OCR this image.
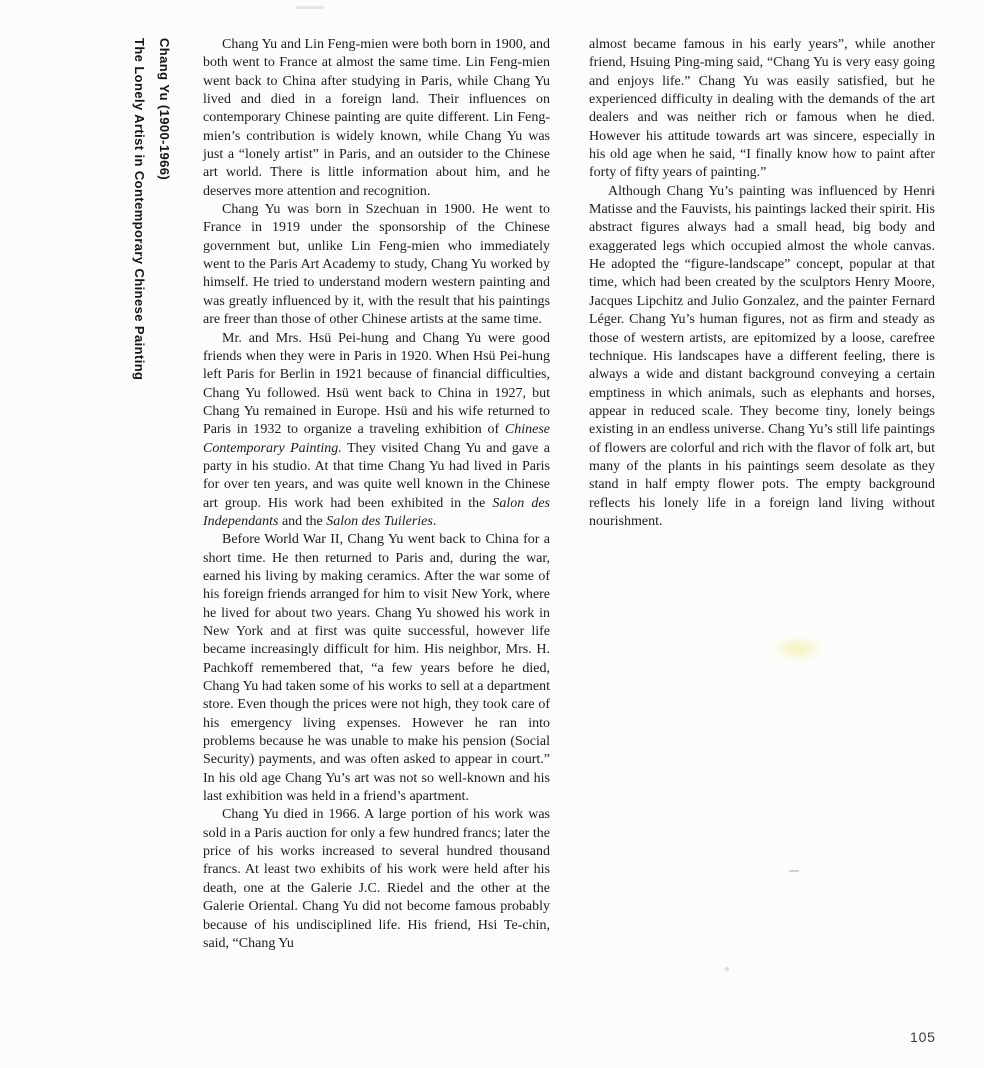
Chang Yu (1900-1966)
The Lonely Artist in Contemporary Chinese Painting	Chang Yu and Lin Feng-mien were both born in 1900, and both went to France at almost the same time. Lin Feng-mien went back to China after studying in Paris, while Chang Yu lived and died in a foreign land. Their influences on contemporary Chinese painting are quite different. Lin Feng-mien’s contribution is widely known, while Chang Yu was just a “lonely artist” in Paris, and an outsider to the Chinese art world. There is little information about him, and he deserves more attention and recognition.

Chang Yu was born in Szechuan in 1900. He went to France in 1919 under the sponsorship of the Chinese government but, unlike Lin Feng-mien who immediately went to the Paris Art Academy to study, Chang Yu worked by himself. He tried to understand modern western painting and was greatly influenced by it, with the result that his paintings are freer than those of other Chinese artists at the same time.

Mr. and Mrs. Hsü Pei-hung and Chang Yu were good friends when they were in Paris in 1920. When Hsü Pei-hung left Paris for Berlin in 1921 because of financial difficulties, Chang Yu followed. Hsü went back to China in 1927, but Chang Yu remained in Europe. Hsü and his wife returned to Paris in 1932 to organize a traveling exhibition of Chinese Contemporary Painting. They visited Chang Yu and gave a party in his studio. At that time Chang Yu had lived in Paris for over ten years, and was quite well known in the Chinese art group. His work had been exhibited in the Salon des Independants and the Salon des Tuileries.

Before World War II, Chang Yu went back to China for a short time. He then returned to Paris and, during the war, earned his living by making ceramics. After the war some of his foreign friends arranged for him to visit New York, where he lived for about two years. Chang Yu showed his work in New York and at first was quite successful, however life became increasingly difficult for him. His neighbor, Mrs. H. Pachkoff remembered that, “a few years before he died, Chang Yu had taken some of his works to sell at a department store. Even though the prices were not high, they took care of his emergency living expenses. However he ran into problems because he was unable to make his pension (Social Security) payments, and was often asked to appear in court.” In his old age Chang Yu’s art was not so well-known and his last exhibition was held in a friend’s apartment.

Chang Yu died in 1966. A large portion of his work was sold in a Paris auction for only a few hundred francs; later the price of his works increased to several hundred thousand francs. At least two exhibits of his work were held after his death, one at the Galerie J.C. Riedel and the other at the Galerie Oriental. Chang Yu did not become famous probably because of his undisciplined life. His friend, Hsi Te-chin, said, “Chang Yu

almost became famous in his early years”, while another friend, Hsuing Ping-ming said, “Chang Yu is very easy going and enjoys life.” Chang Yu was easily satisfied, but he experienced difficulty in dealing with the demands of the art dealers and was neither rich or famous when he died. However his attitude towards art was sincere, especially in his old age when he said, “I finally know how to paint after forty of fifty years of painting.”

Although Chang Yu’s painting was influenced by Henri Matisse and the Fauvists, his paintings lacked their spirit. His abstract figures always had a small head, big body and exaggerated legs which occupied almost the whole canvas. He adopted the “figure-landscape” concept, popular at that time, which had been created by the sculptors Henry Moore, Jacques Lipchitz and Julio Gonzalez, and the painter Fernard Léger. Chang Yu’s human figures, not as firm and steady as those of western artists, are epitomized by a loose, carefree technique. His landscapes have a different feeling, there is always a wide and distant background conveying a certain emptiness in which animals, such as elephants and horses, appear in reduced scale. They become tiny, lonely beings existing in an endless universe. Chang Yu’s still life paintings of flowers are colorful and rich with the flavor of folk art, but many of the plants in his paintings seem desolate as they stand in half empty flower pots. The empty background reflects his lonely life in a foreign land living without nourishment.

105
